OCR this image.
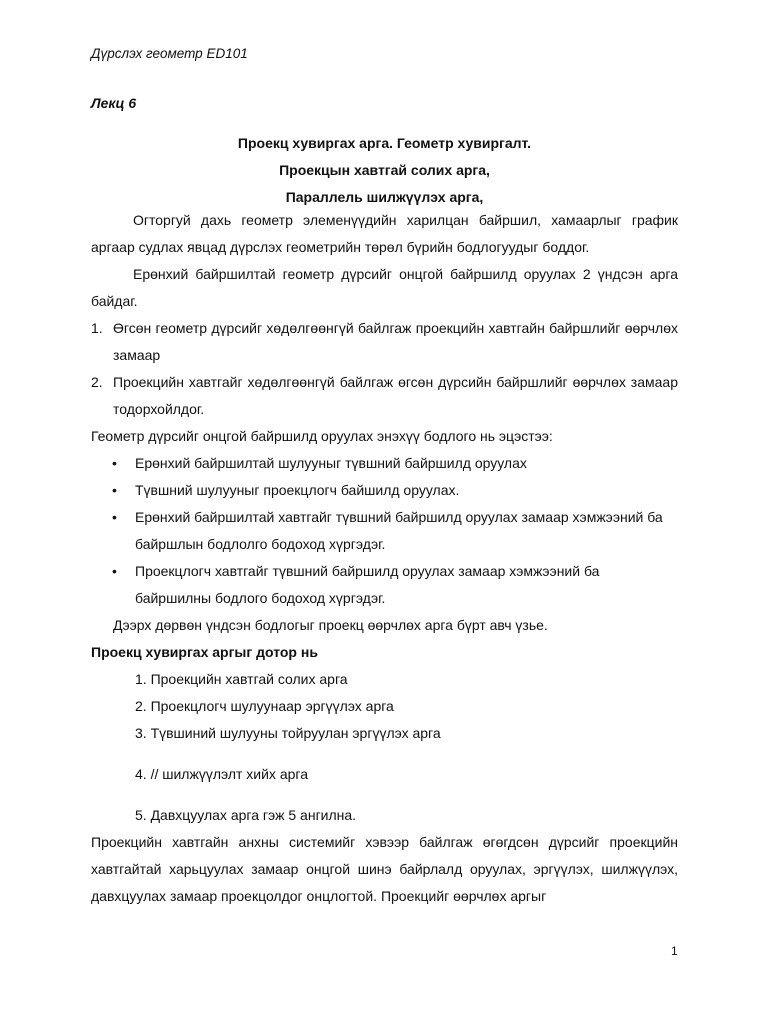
Дүрслэх геометр ED101
Лекц 6
Проекц хувиргах арга. Геометр хувиргалт.
Проекцын хавтгай солих арга,
Параллель шилжүүлэх арга,

Огторгуй дахь геометр элеменүүдийн харилцан байршил, хамаарлыг график аргаар судлах явцад дүрслэх геометрийн төрөл бүрийн бодлогуудыг боддог.

Ерөнхий байршилтай геометр дүрсийг онцгой байршилд оруулах 2 үндсэн арга байдаг.

1. Өгсөн геометр дүрсийг хөдөлгөөнгүй байлгаж проекцийн хавтгайн байршлийг өөрчлөх замаар
2. Проекцийн хавтгайг хөдөлгөөнгүй байлгаж өгсөн дүрсийн байршлийг өөрчлөх замаар тодорхойлдог.

Геометр дүрсийг онцгой байршилд оруулах энэхүү бодлого нь эцэстээ:

• Ерөнхий байршилтай шулууныг түвшний байршилд оруулах
• Түвшний шулууныг проекцлогч байшилд оруулах.
• Ерөнхий байршилтай хавтгайг түвшний байршилд оруулах замаар хэмжээний ба байршлын бодлолго бодоход хүргэдэг.
• Проекцлогч хавтгайг түвшний байршилд оруулах замаар хэмжээний ба байршилны бодлого бодоход хүргэдэг.

Дээрх дөрвөн үндсэн бодлогыг проекц өөрчлөх арга бүрт авч үзье.

Проекц хувиргах аргыг дотор нь

1. Проекцийн хавтгай солих арга
2. Проекцлогч шулуунаар эргүүлэх арга
3. Түвшиний шулууны тойруулан эргүүлэх арга
4. // шилжүүлэлт хийх арга
5. Давхцуулах арга гэж 5 ангилна.

Проекцийн хавтгайн анхны системийг хэвээр байлгаж өгөгдсөн дүрсийг проекцийн хавтгайтай харьцуулах замаар онцгой шинэ байрлалд оруулах, эргүүлэх, шилжүүлэх, давхцуулах замаар проекцолдог онцлогтой. Проекцийг өөрчлөх аргыг

1
